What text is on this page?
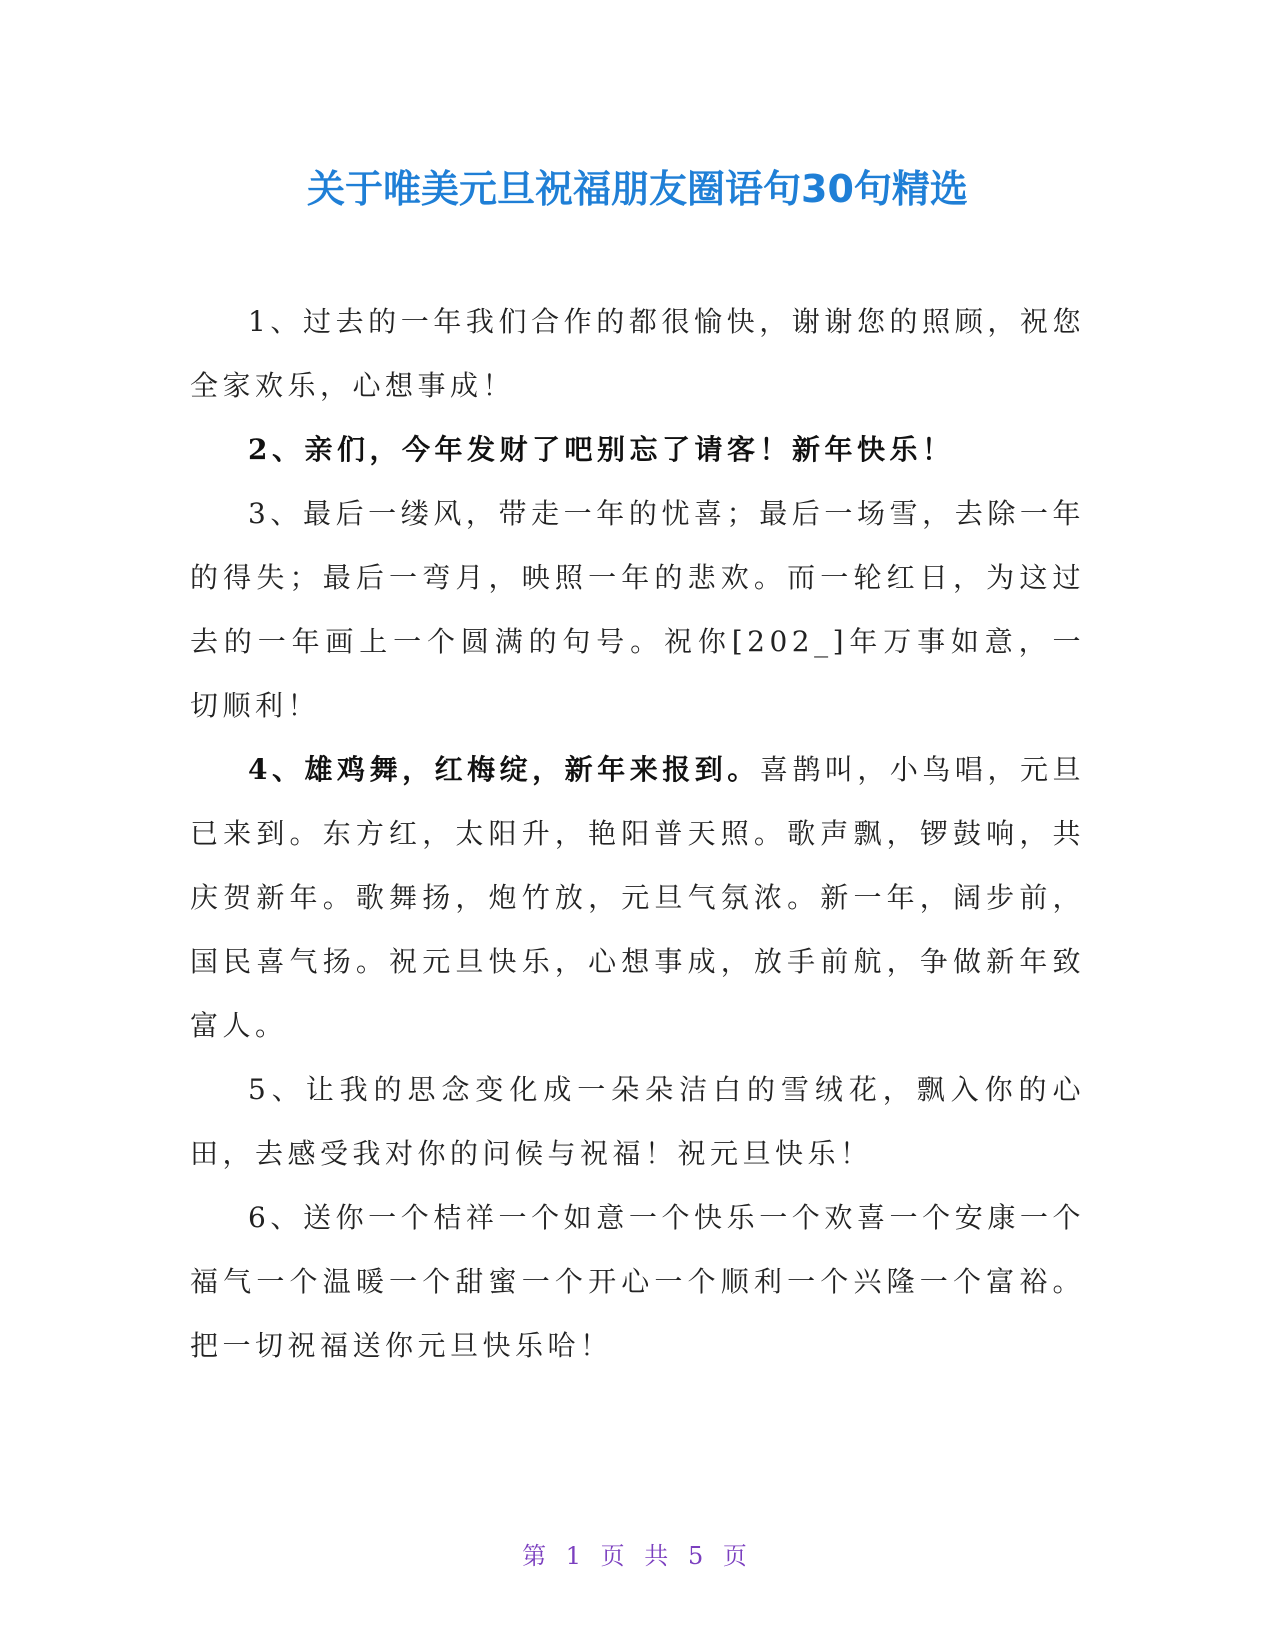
关于唯美元旦祝福朋友圈语句30句精选

1、过去的一年我们合作的都很愉快，谢谢您的照顾，祝您全家欢乐，心想事成！

2、亲们，今年发财了吧别忘了请客！新年快乐！

3、最后一缕风，带走一年的忧喜；最后一场雪，去除一年的得失；最后一弯月，映照一年的悲欢。而一轮红日，为这过去的一年画上一个圆满的句号。祝你[202_]年万事如意，一切顺利！

4、雄鸡舞，红梅绽，新年来报到。喜鹊叫，小鸟唱，元旦已来到。东方红，太阳升，艳阳普天照。歌声飘，锣鼓响，共庆贺新年。歌舞扬，炮竹放，元旦气氛浓。新一年，阔步前，国民喜气扬。祝元旦快乐，心想事成，放手前航，争做新年致富人。

5、让我的思念变化成一朵朵洁白的雪绒花，飘入你的心田，去感受我对你的问候与祝福！祝元旦快乐！

6、送你一个桔祥一个如意一个快乐一个欢喜一个安康一个福气一个温暖一个甜蜜一个开心一个顺利一个兴隆一个富裕。把一切祝福送你元旦快乐哈！

第 1 页 共 5 页
